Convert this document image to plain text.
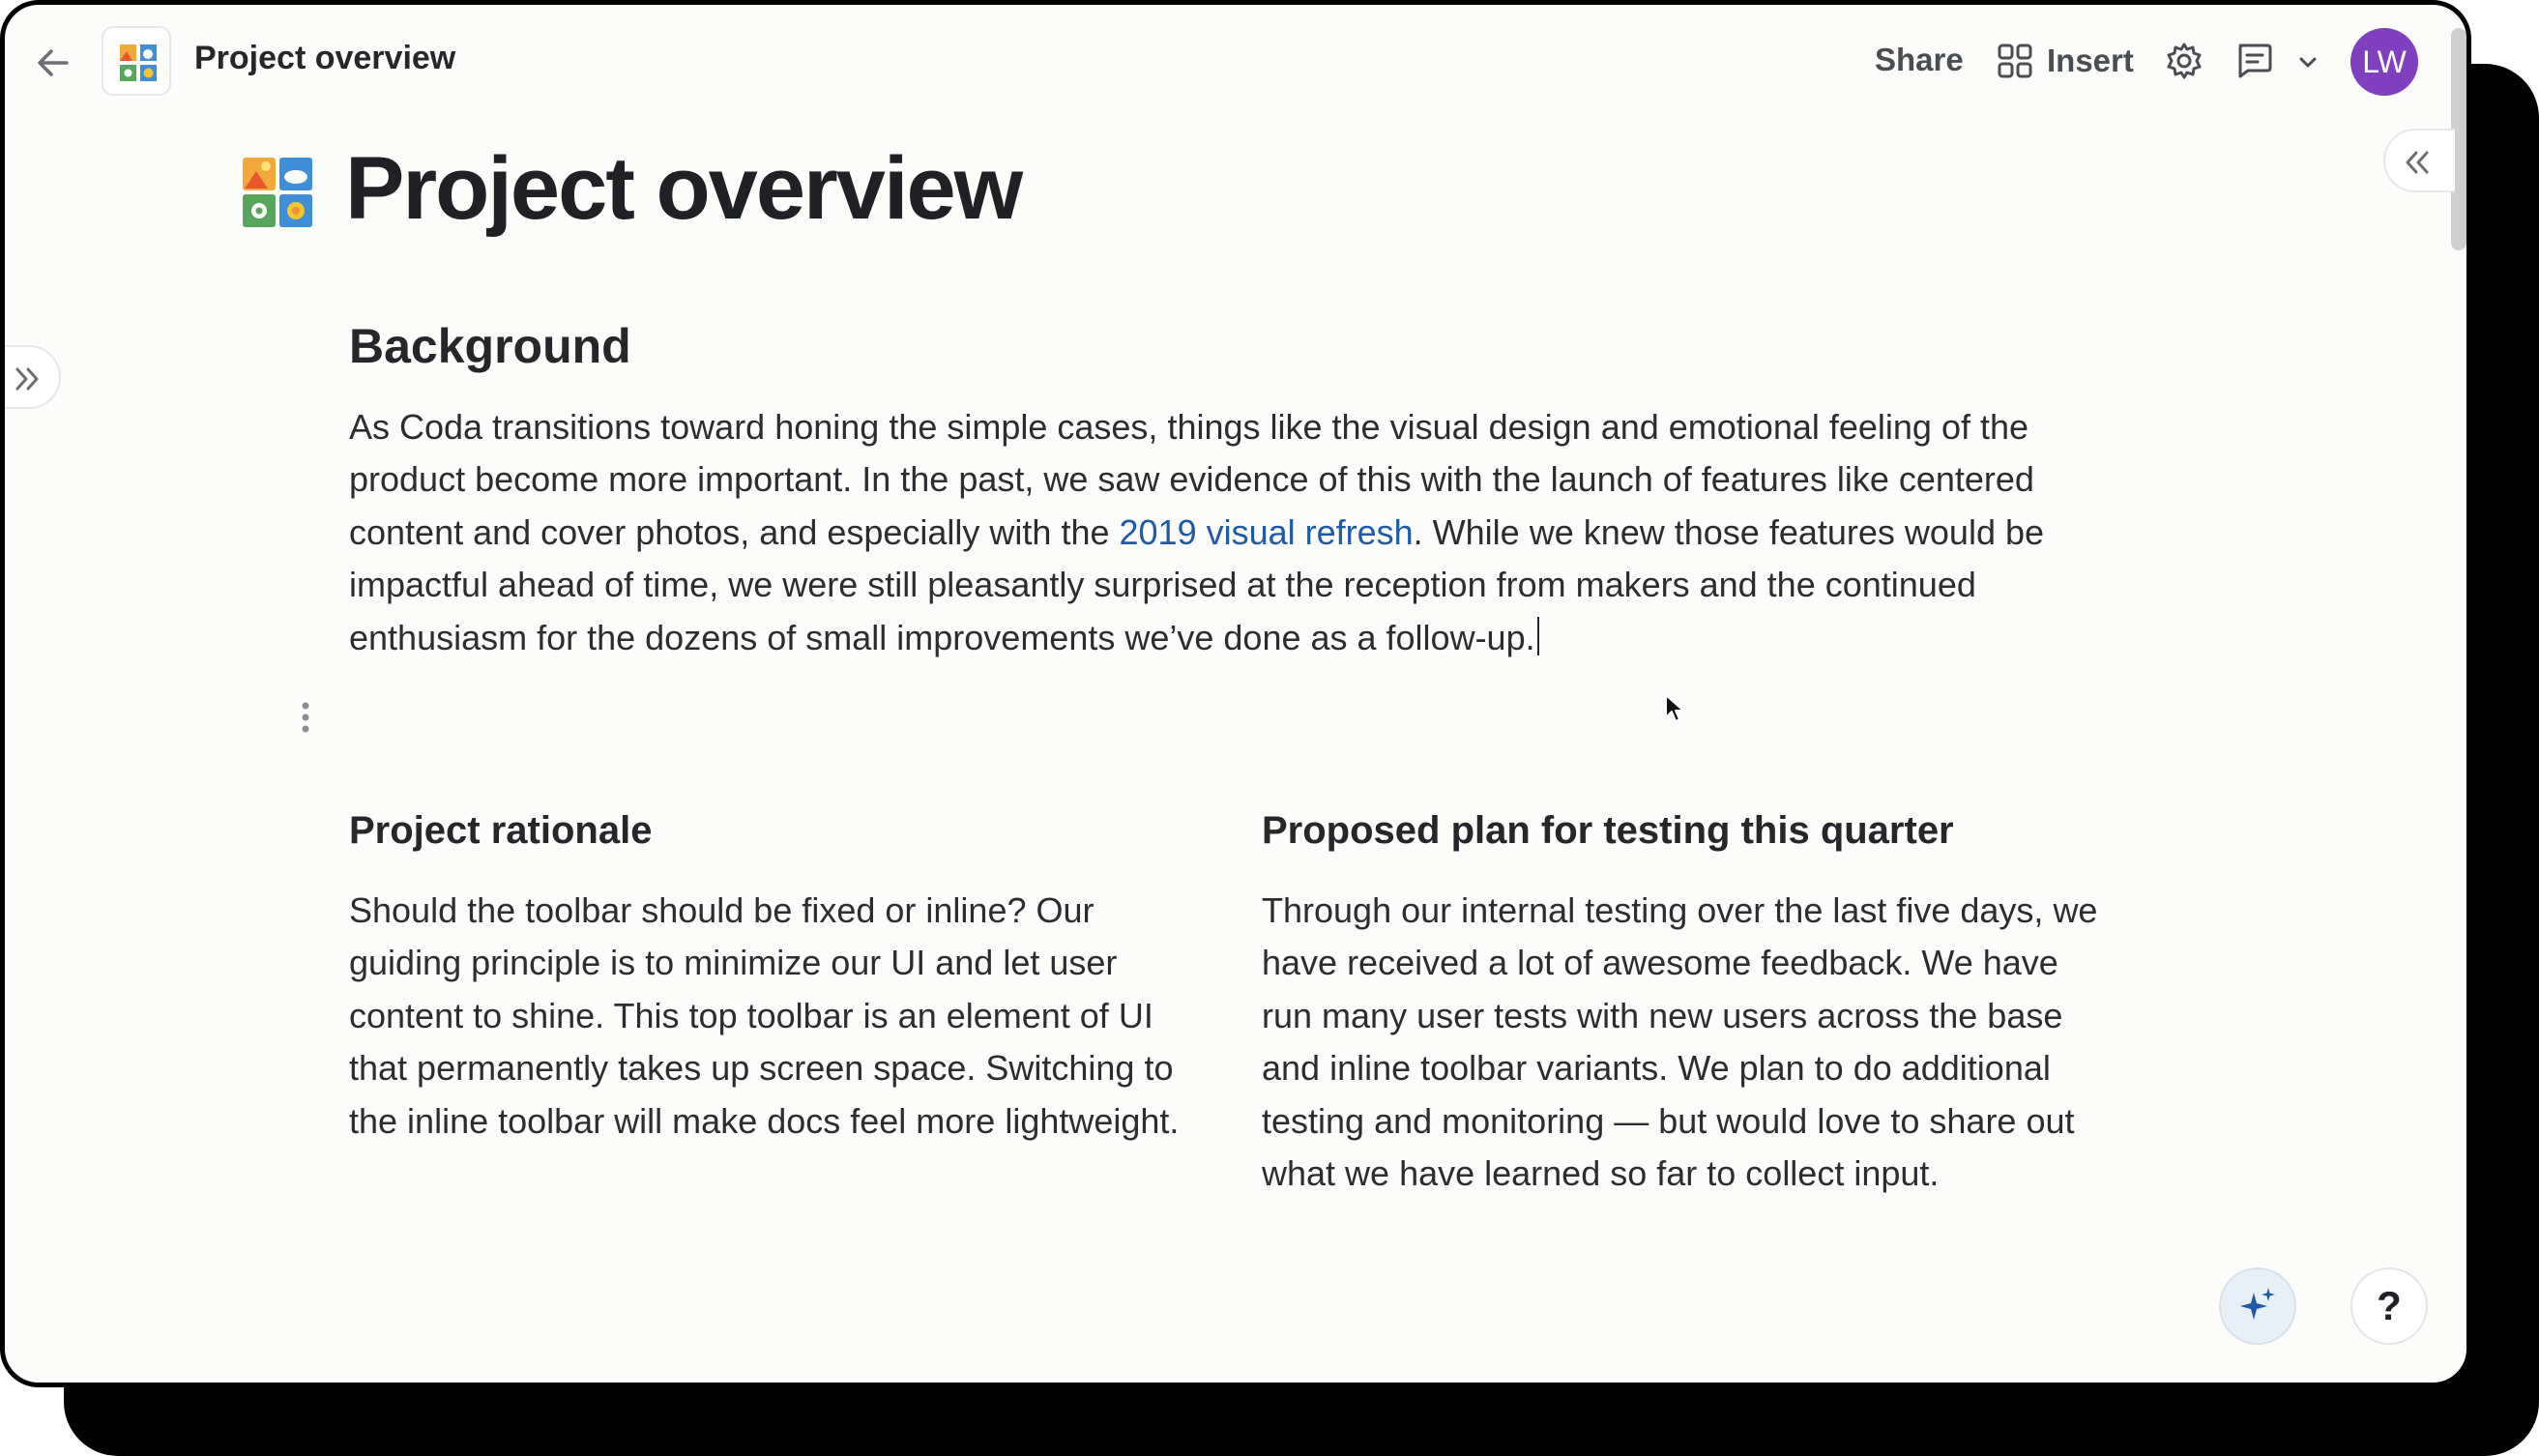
Project overview	Share	Insert	LW
Project overview
Background
As Coda transitions toward honing the simple cases, things like the visual design and emotional feeling of the product become more important. In the past, we saw evidence of this with the launch of features like centered content and cover photos, and especially with the 2019 visual refresh. While we knew those features would be impactful ahead of time, we were still pleasantly surprised at the reception from makers and the continued enthusiasm for the dozens of small improvements we’ve done as a follow-up.
Project rationale
Should the toolbar should be fixed or inline? Our guiding principle is to minimize our UI and let user content to shine. This top toolbar is an element of UI that permanently takes up screen space. Switching to the inline toolbar will make docs feel more lightweight.
Proposed plan for testing this quarter
Through our internal testing over the last five days, we have received a lot of awesome feedback. We have run many user tests with new users across the base and inline toolbar variants. We plan to do additional testing and monitoring — but would love to share out what we have learned so far to collect input.
?
